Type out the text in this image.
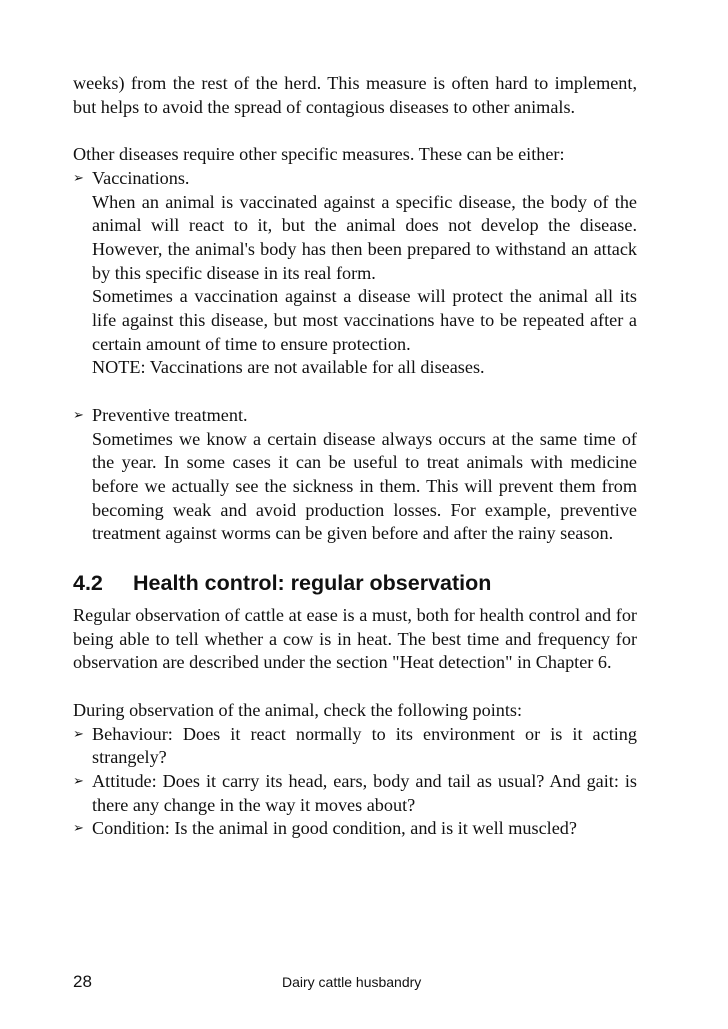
weeks) from the rest of the herd. This measure is often hard to implement, but helps to avoid the spread of contagious diseases to other animals.

Other diseases require other specific measures. These can be either:

➢ Vaccinations.

When an animal is vaccinated against a specific disease, the body of the animal will react to it, but the animal does not develop the disease. However, the animal's body has then been prepared to withstand an attack by this specific disease in its real form.

Sometimes a vaccination against a disease will protect the animal all its life against this disease, but most vaccinations have to be repeated after a certain amount of time to ensure protection.

NOTE: Vaccinations are not available for all diseases.

➢ Preventive treatment.

Sometimes we know a certain disease always occurs at the same time of the year. In some cases it can be useful to treat animals with medicine before we actually see the sickness in them. This will prevent them from becoming weak and avoid production losses. For example, preventive treatment against worms can be given before and after the rainy season.

4.2 Health control: regular observation

Regular observation of cattle at ease is a must, both for health control and for being able to tell whether a cow is in heat. The best time and frequency for observation are described under the section "Heat detection" in Chapter 6.

During observation of the animal, check the following points:

➢ Behaviour: Does it react normally to its environment or is it acting strangely?

➢ Attitude: Does it carry its head, ears, body and tail as usual? And gait: is there any change in the way it moves about?

➢ Condition: Is the animal in good condition, and is it well muscled?

28	Dairy cattle husbandry
